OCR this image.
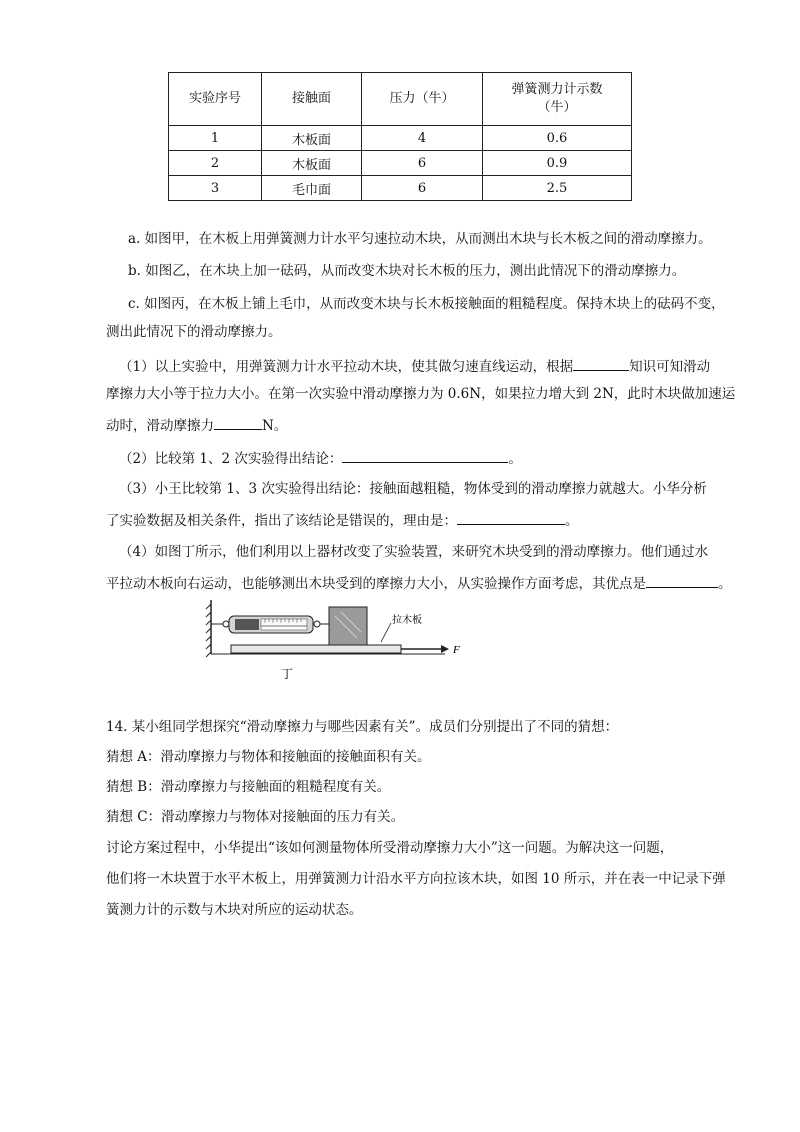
实验序号	接触面	压力（牛）	弹簧测力计示数
（牛）

1	木板面	4	0.6
2	木板面	6	0.9
3	毛巾面	6	2.5
a. 如图甲，在木板上用弹簧测力计水平匀速拉动木块，从而测出木块与长木板之间的滑动摩擦力。
b. 如图乙，在木块上加一砝码，从而改变木块对长木板的压力，测出此情况下的滑动摩擦力。
c. 如图丙，在木板上铺上毛巾，从而改变木块与长木板接触面的粗糙程度。保持木块上的砝码不变，
测出此情况下的滑动摩擦力。
（1）以上实验中，用弹簧测力计水平拉动木块，使其做匀速直线运动，根据	知识可知滑动
摩擦力大小等于拉力大小。在第一次实验中滑动摩擦力为 0.6N，如果拉力增大到 2N，此时木块做加速运
动时，滑动摩擦力	N。
（2）比较第 1、2 次实验得出结论：	。
（3）小王比较第 1、3 次实验得出结论：接触面越粗糙，物体受到的滑动摩擦力就越大。小华分析
了实验数据及相关条件，指出了该结论是错误的，理由是：	。
（4）如图丁所示，他们利用以上器材改变了实验装置，来研究木块受到的滑动摩擦力。他们通过水
平拉动木板向右运动，也能够测出木块受到的摩擦力大小，从实验操作方面考虑，其优点是	。
F
拉木板
丁
14. 某小组同学想探究“滑动摩擦力与哪些因素有关”。成员们分别提出了不同的猜想：
猜想 A：滑动摩擦力与物体和接触面的接触面积有关。
猜想 B：滑动摩擦力与接触面的粗糙程度有关。
猜想 C：滑动摩擦力与物体对接触面的压力有关。
讨论方案过程中，小华提出“该如何测量物体所受滑动摩擦力大小”这一问题。为解决这一问题，
他们将一木块置于水平木板上，用弹簧测力计沿水平方向拉该木块，如图 10 所示，并在表一中记录下弹
簧测力计的示数与木块对所应的运动状态。
